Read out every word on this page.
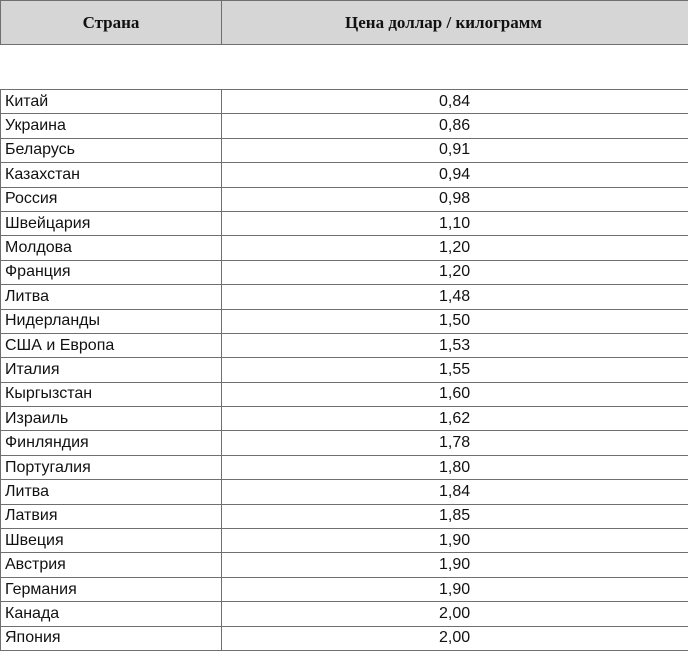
Страна	Цена доллар / килограмм

Китай	0,84
Украина	0,86
Беларусь	0,91
Казахстан	0,94
Россия	0,98
Швейцария	1,10
Молдова	1,20
Франция	1,20
Литва	1,48
Нидерланды	1,50
США и Европа	1,53
Италия	1,55
Кыргызстан	1,60
Израиль	1,62
Финляндия	1,78
Португалия	1,80
Литва	1,84
Латвия	1,85
Швеция	1,90
Австрия	1,90
Германия	1,90
Канада	2,00
Япония	2,00
